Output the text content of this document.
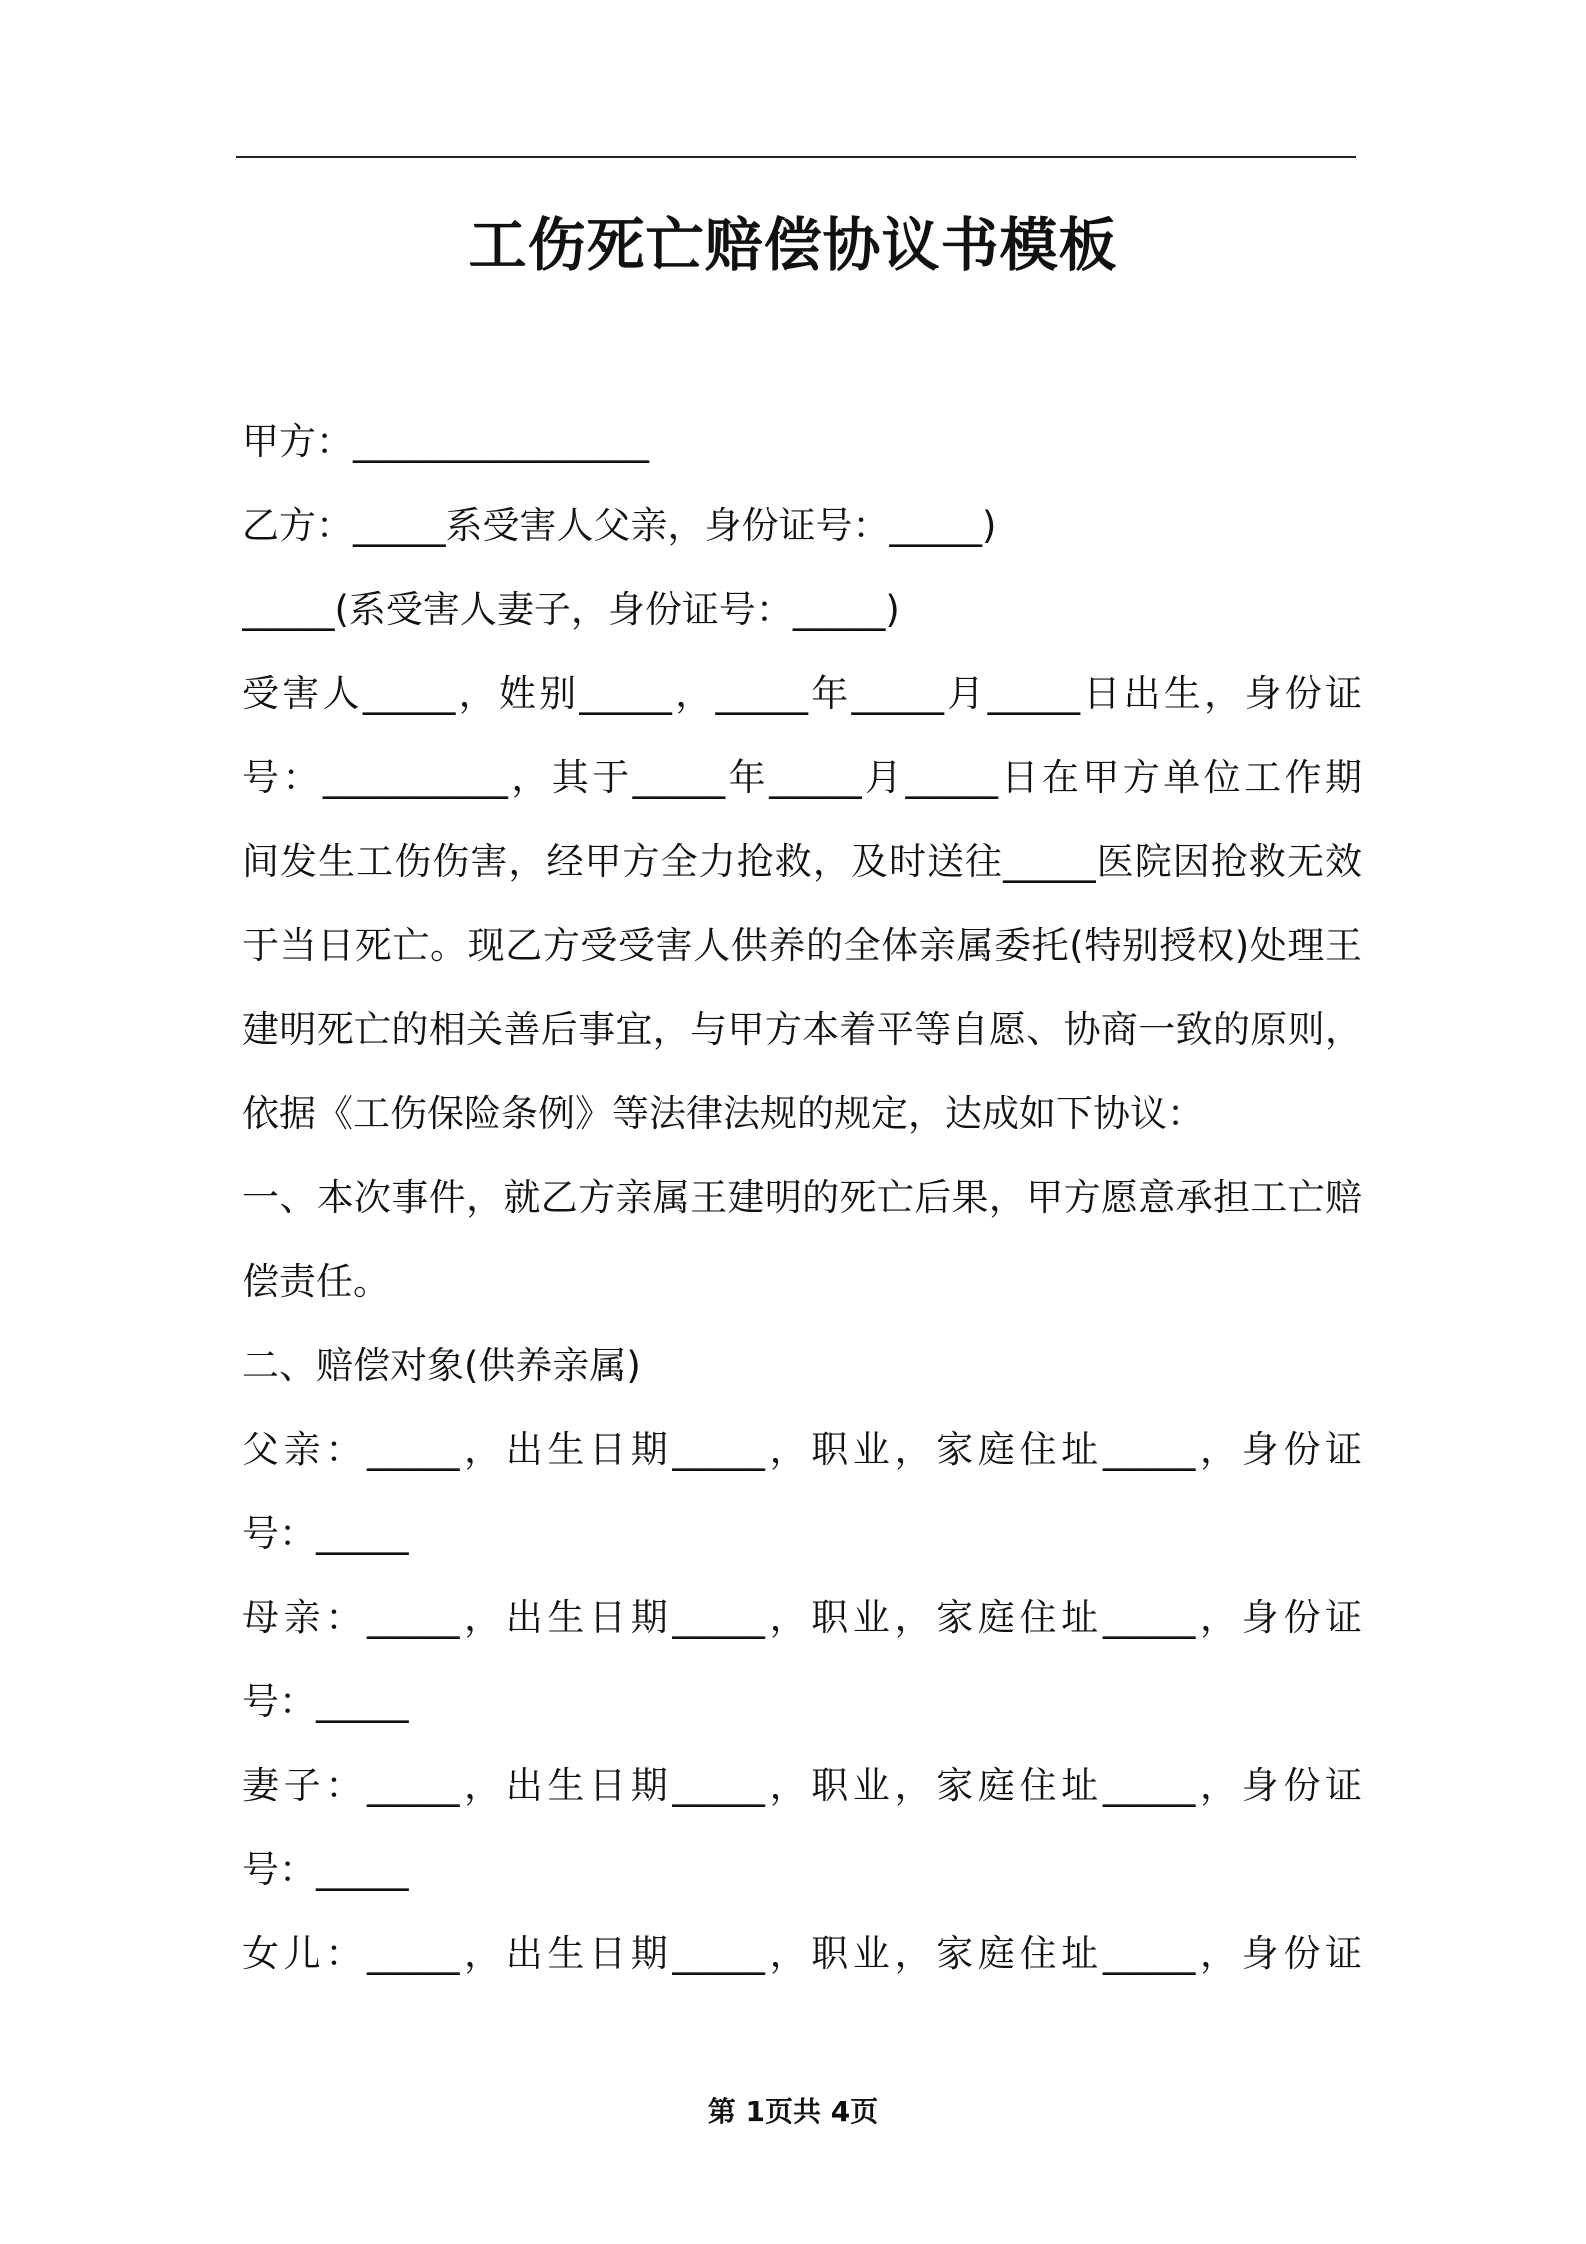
工伤死亡赔偿协议书模板
甲方：________________
乙方：_____系受害人父亲，身份证号：_____)
_____(系受害人妻子，身份证号：_____)
受害人_____，姓别_____，_____年_____月_____日出生，身份证
号：__________，其于_____年_____月_____日在甲方单位工作期
间发生工伤伤害，经甲方全力抢救，及时送往_____医院因抢救无效
于当日死亡。现乙方受受害人供养的全体亲属委托(特别授权)处理王
建明死亡的相关善后事宜，与甲方本着平等自愿、协商一致的原则，
依据《工伤保险条例》等法律法规的规定，达成如下协议：
一、本次事件，就乙方亲属王建明的死亡后果，甲方愿意承担工亡赔
偿责任。
二、赔偿对象(供养亲属)
父亲：_____，出生日期_____，职业，家庭住址_____，身份证
号：_____
母亲：_____，出生日期_____，职业，家庭住址_____，身份证
号：_____
妻子：_____，出生日期_____，职业，家庭住址_____，身份证
号：_____
女儿：_____，出生日期_____，职业，家庭住址_____，身份证
第 1页共 4页
